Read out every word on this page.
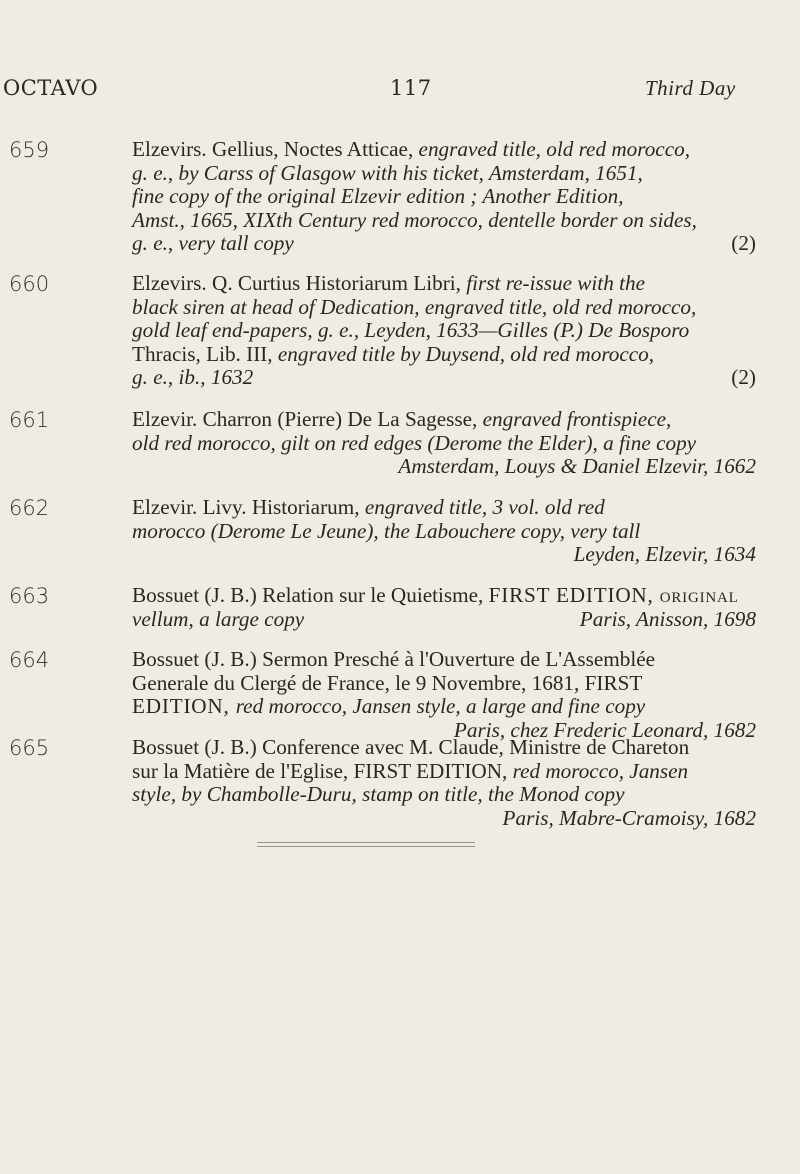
OCTAVO	117	Third Day
659	Elzevirs. Gellius, Noctes Atticae, engraved title, old red morocco,
g. e., by Carss of Glasgow with his ticket, Amsterdam, 1651,
fine copy of the original Elzevir edition ; Another Edition,
Amst., 1665, XIXth Century red morocco, dentelle border on sides,
g. e., very tall copy	(2)
660	Elzevirs. Q. Curtius Historiarum Libri, first re-issue with the
black siren at head of Dedication, engraved title, old red morocco,
gold leaf end-papers, g. e., Leyden, 1633—Gilles (P.) De Bosporo
Thracis, Lib. III, engraved title by Duysend, old red morocco,
g. e., ib., 1632	(2)
661	Elzevir. Charron (Pierre) De La Sagesse, engraved frontispiece,
old red morocco, gilt on red edges (Derome the Elder), a fine copy
Amsterdam, Louys & Daniel Elzevir, 1662
662	Elzevir. Livy. Historiarum, engraved title, 3 vol. old red
morocco (Derome Le Jeune), the Labouchere copy, very tall
Leyden, Elzevir, 1634
663	Bossuet (J. B.) Relation sur le Quietisme, FIRST EDITION, original
vellum, a large copy	Paris, Anisson, 1698
664	Bossuet (J. B.) Sermon Presché à l'Ouverture de L'Assemblée
Generale du Clergé de France, le 9 Novembre, 1681, FIRST
EDITION, red morocco, Jansen style, a large and fine copy
Paris, chez Frederic Leonard, 1682
665	Bossuet (J. B.) Conference avec M. Claude, Ministre de Chareton
sur la Matière de l'Eglise, FIRST EDITION, red morocco, Jansen
style, by Chambolle-Duru, stamp on title, the Monod copy
Paris, Mabre-Cramoisy, 1682
